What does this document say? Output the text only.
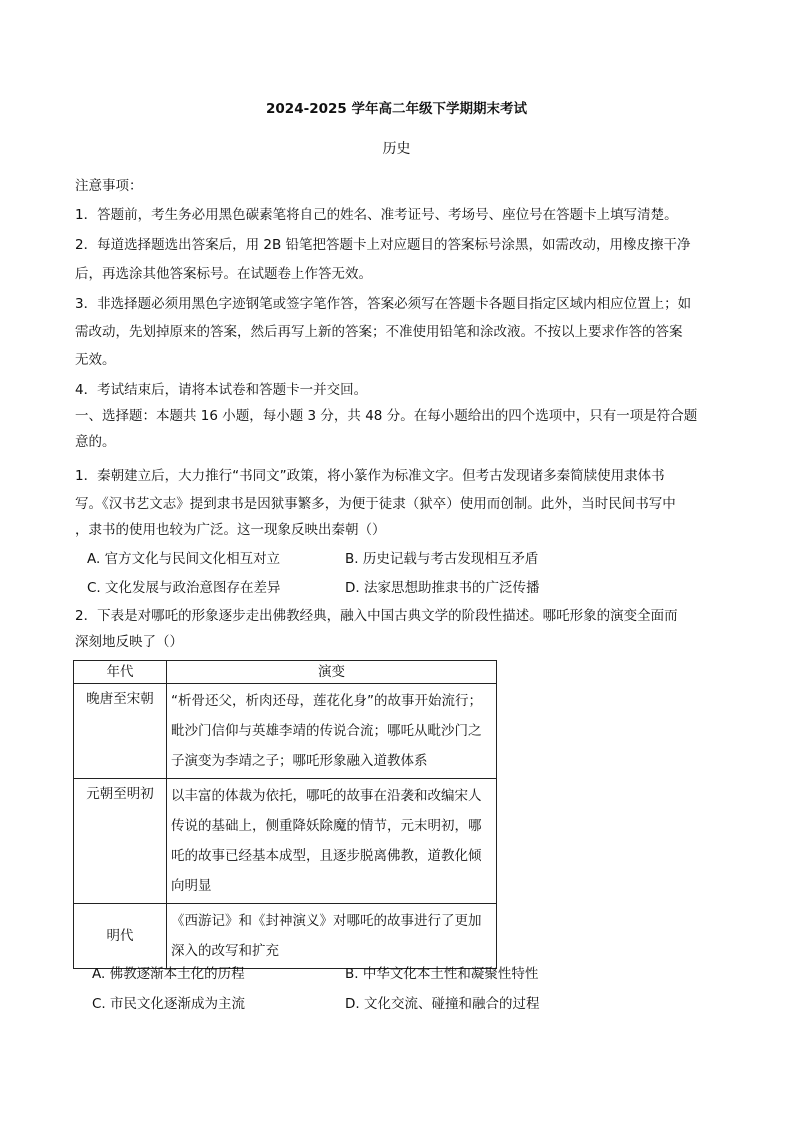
2024-2025 学年高二年级下学期期末考试
历史
注意事项：
1．答题前，考生务必用黑色碳素笔将自己的姓名、准考证号、考场号、座位号在答题卡上填写清楚。
2．每道选择题选出答案后，用 2B 铅笔把答题卡上对应题目的答案标号涂黑，如需改动，用橡皮擦干净
后，再选涂其他答案标号。在试题卷上作答无效。
3．非选择题必须用黑色字迹钢笔或签字笔作答，答案必须写在答题卡各题目指定区域内相应位置上；如
需改动，先划掉原来的答案，然后再写上新的答案；不准使用铅笔和涂改液。不按以上要求作答的答案
无效。
4．考试结束后，请将本试卷和答题卡一并交回。
一、选择题：本题共 16 小题，每小题 3 分，共 48 分。在每小题给出的四个选项中，只有一项是符合题
意的。
1．秦朝建立后，大力推行“书同文”政策，将小篆作为标准文字。但考古发现诸多秦简牍使用隶体书
写。《汉书艺文志》提到隶书是因狱事繁多，为便于徒隶（狱卒）使用而创制。此外，当时民间书写中
，隶书的使用也较为广泛。这一现象反映出秦朝（）
A. 官方文化与民间文化相互对立	B. 历史记载与考古发现相互矛盾
C. 文化发展与政治意图存在差异	D. 法家思想助推隶书的广泛传播
2．下表是对哪吒的形象逐步走出佛教经典，融入中国古典文学的阶段性描述。哪吒形象的演变全面而
深刻地反映了（）
年代	演变
晚唐至宋朝	“析骨还父，析肉还母，莲花化身”的故事开始流行；毗沙门信仰与英雄李靖的传说合流；哪吒从毗沙门之子演变为李靖之子；哪吒形象融入道教体系
元朝至明初	以丰富的体裁为依托，哪吒的故事在沿袭和改编宋人传说的基础上，侧重降妖除魔的情节，元末明初，哪吒的故事已经基本成型，且逐步脱离佛教，道教化倾向明显
明代	《西游记》和《封神演义》对哪吒的故事进行了更加深入的改写和扩充
A. 佛教逐渐本土化的历程	B. 中华文化本土性和凝聚性特性
C. 市民文化逐渐成为主流	D. 文化交流、碰撞和融合的过程
